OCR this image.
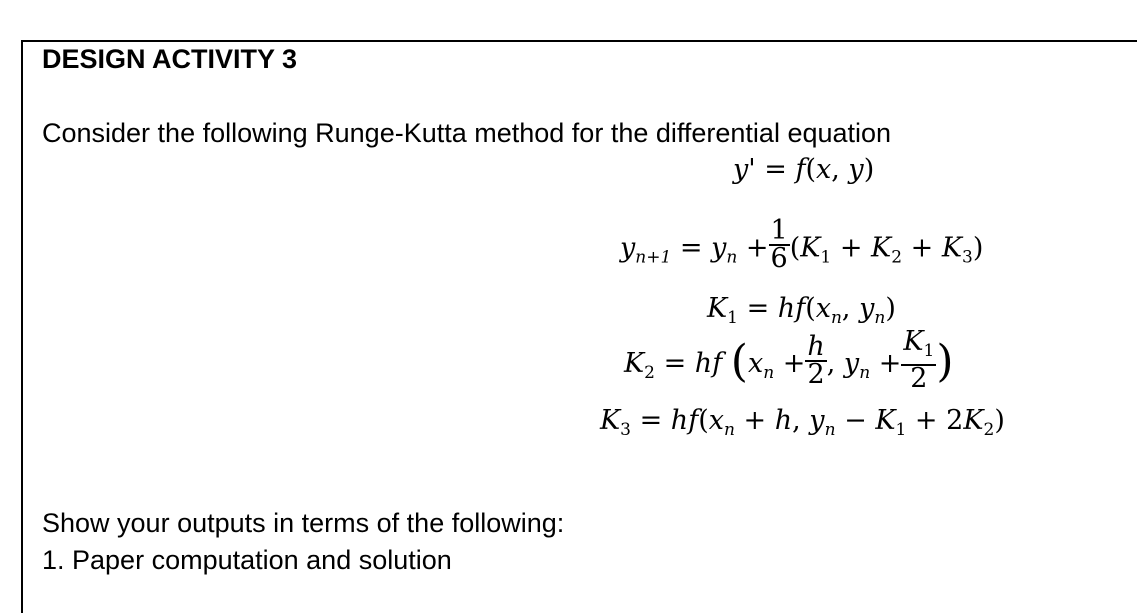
DESIGN ACTIVITY 3
Consider the following Runge-Kutta method for the differential equation
y' = f(x, y)
$y_{n+1} = y_n + \frac{1}{6} (K_1 + K_2 + K_3)$
$K_1 = hf(x_n$, $y_n$)
$K_2$ = hf ($x_n + \frac{h}{2}$ , $y_n + \frac{K_1}{2}$ )
$K_3 = hf(x_n + h$, $y_n - K_1 + 2K_2$)
Show your outputs in terms of the following:
1. Paper computation and solution
